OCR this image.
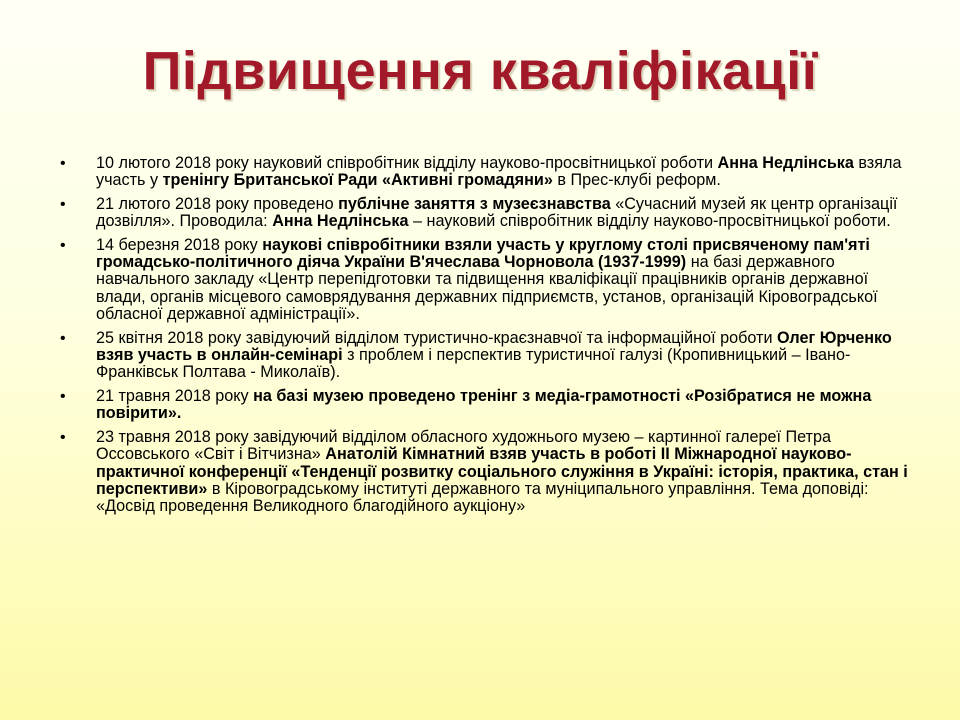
Підвищення кваліфікації
• 10 лютого 2018 року науковий співробітник відділу науково-просвітницької роботи Анна Недлінська взяла участь у тренінгу Британської Ради «Активні громадяни» в Прес-клубі реформ.
• 21 лютого 2018 року проведено публічне заняття з музеєзнавства «Сучасний музей як центр організації дозвілля». Проводила: Анна Недлінська – науковий співробітник відділу науково-просвітницької роботи.
• 14 березня 2018 року наукові співробітники взяли участь у круглому столі присвяченому пам'яті громадсько-політичного діяча України В'ячеслава Чорновола (1937-1999) на базі державного навчального закладу «Центр перепідготовки та підвищення кваліфікації працівників органів державної влади, органів місцевого самоврядування державних підприємств, установ, організацій Кіровоградської обласної державної адміністрації».
• 25 квітня 2018 року завідуючий відділом туристично-краєзнавчої та інформаційної роботи Олег Юрченко взяв участь в онлайн-семінарі з проблем і перспектив туристичної галузі (Кропивницький – Івано-Франківськ Полтава - Миколаїв).
• 21 травня 2018 року на базі музею проведено тренінг з медіа-грамотності «Розібратися не можна повірити».
• 23 травня 2018 року завідуючий відділом обласного художнього музею – картинної галереї Петра Оссовського «Світ і Вітчизна» Анатолій Кімнатний взяв участь в роботі ІІ Міжнародної науково-практичної конференції «Тенденції розвитку соціального служіння в Україні: історія, практика, стан і перспективи» в Кіровоградському інституті державного та муніципального управління. Тема доповіді: «Досвід проведення Великодного благодійного аукціону»
